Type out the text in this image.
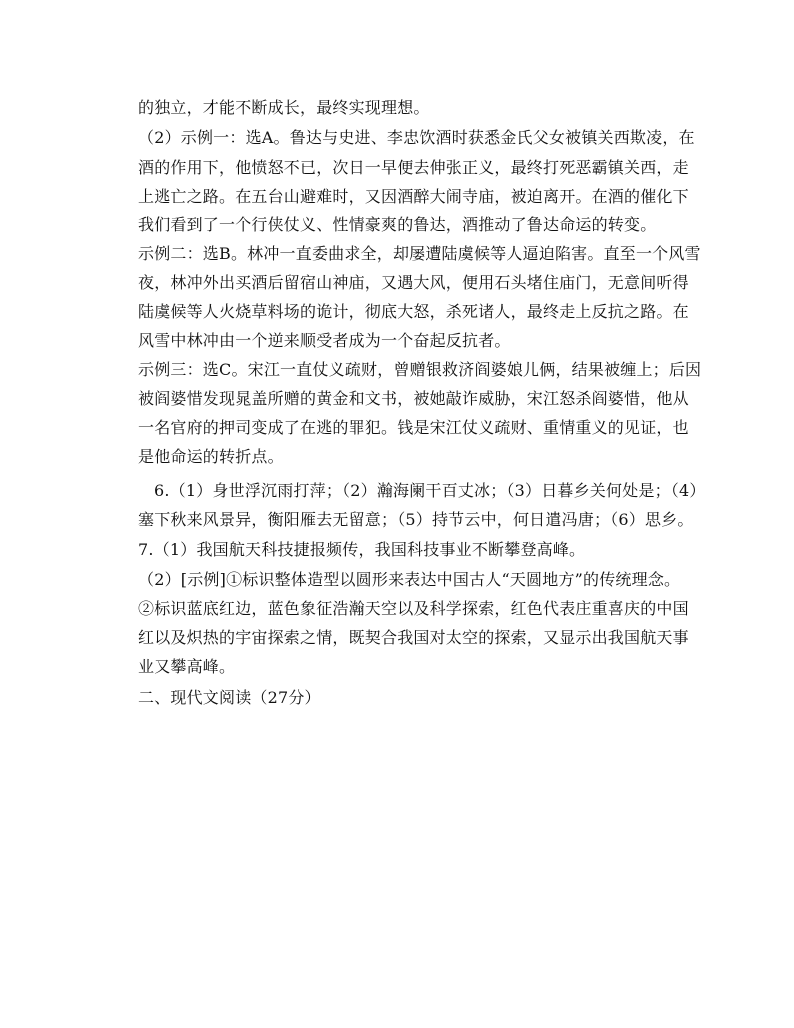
的独立，才能不断成长，最终实现理想。
（2）示例一：选A。鲁达与史进、李忠饮酒时获悉金氏父女被镇关西欺凌，在
酒的作用下，他愤怒不已，次日一早便去伸张正义，最终打死恶霸镇关西，走
上逃亡之路。在五台山避难时，又因酒醉大闹寺庙，被迫离开。在酒的催化下
我们看到了一个行侠仗义、性情豪爽的鲁达，酒推动了鲁达命运的转变。
示例二：选B。林冲一直委曲求全，却屡遭陆虞候等人逼迫陷害。直至一个风雪
夜，林冲外出买酒后留宿山神庙，又遇大风，便用石头堵住庙门，无意间听得
陆虞候等人火烧草料场的诡计，彻底大怒，杀死诸人，最终走上反抗之路。在
风雪中林冲由一个逆来顺受者成为一个奋起反抗者。
示例三：选C。宋江一直仗义疏财，曾赠银救济阎婆娘儿俩，结果被缠上；后因
被阎婆惜发现晁盖所赠的黄金和文书，被她敲诈威胁，宋江怒杀阎婆惜，他从
一名官府的押司变成了在逃的罪犯。钱是宋江仗义疏财、重情重义的见证，也
是他命运的转折点。
6.（1）身世浮沉雨打萍；（2）瀚海阑干百丈冰；（3）日暮乡关何处是；（4）
塞下秋来风景异，衡阳雁去无留意；（5）持节云中，何日遣冯唐；（6）思乡。
7.（1）我国航天科技捷报频传，我国科技事业不断攀登高峰。
（2）[示例]①标识整体造型以圆形来表达中国古人“天圆地方”的传统理念。
②标识蓝底红边，蓝色象征浩瀚天空以及科学探索，红色代表庄重喜庆的中国
红以及炽热的宇宙探索之情，既契合我国对太空的探索，又显示出我国航天事
业又攀高峰。
二、现代文阅读（27分）
